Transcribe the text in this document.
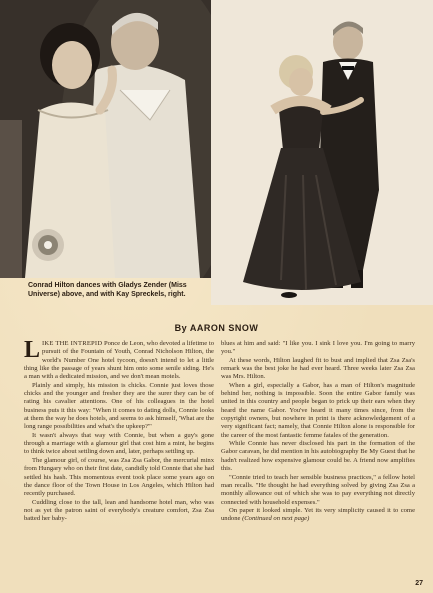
Conrad Hilton dances with Gladys Zender (Miss Universe) above, and with Kay Spreckels, right.
By AARON SNOW

LIKE THE INTREPID Ponce de Leon, who devoted a lifetime to pursuit of the Fountain of Youth, Conrad Nicholson Hilton, the world's Number One hotel tycoon, doesn't intend to let a little thing like the passage of years shunt him onto some senile siding. He's a man with a dedicated mission, and we don't mean motels.

Plainly and simply, his mission is chicks. Connie just loves those chicks and the younger and fresher they are the surer they can be of rating his cavalier attentions. One of his colleagues in the hotel business puts it this way: "When it comes to dating dolls, Connie looks at them the way he does hotels, and seems to ask himself, 'What are the long range possibilities and what's the upkeep?'"

It wasn't always that way with Connie, but when a guy's gone through a marriage with a glamour girl that cost him a mint, he begins to think twice about settling down and, later, perhaps settling up.

The glamour girl, of course, was Zsa Zsa Gabor, the mercurial minx from Hungary who on their first date, candidly told Connie that she had settled his hash. This momentous event took place some years ago on the dance floor of the Town House in Los Angeles, which Hilton had recently purchased.

Cuddling close to the tall, lean and handsome hotel man, who was not as yet the patron saint of everybody's creature comfort, Zsa Zsa batted her baby-

blues at him and said: "I like you. I sink I love you. I'm going to marry you."

At these words, Hilton laughed fit to bust and implied that Zsa Zsa's remark was the best joke he had ever heard. Three weeks later Zsa Zsa was Mrs. Hilton.

When a girl, especially a Gabor, has a man of Hilton's magnitude behind her, nothing is impossible. Soon the entire Gabor family was united in this country and people began to prick up their ears when they heard the name Gabor. You've heard it many times since, from the copyright owners, but nowhere in print is there acknowledgement of a very significant fact; namely, that Connie Hilton alone is responsible for the career of the most fantastic femme fatales of the generation.

While Connie has never disclosed his part in the formation of the Gabor caravan, he did mention in his autobiography Be My Guest that he hadn't realized how expensive glamour could be. A friend now amplifies this.

"Connie tried to teach her sensible business practices," a fellow hotel man recalls. "He thought he had everything solved by giving Zsa Zsa a monthly allowance out of which she was to pay everything not directly connected with household expenses."

On paper it looked simple. Yet its very simplicity caused it to come undone (Continued on next page)

27
